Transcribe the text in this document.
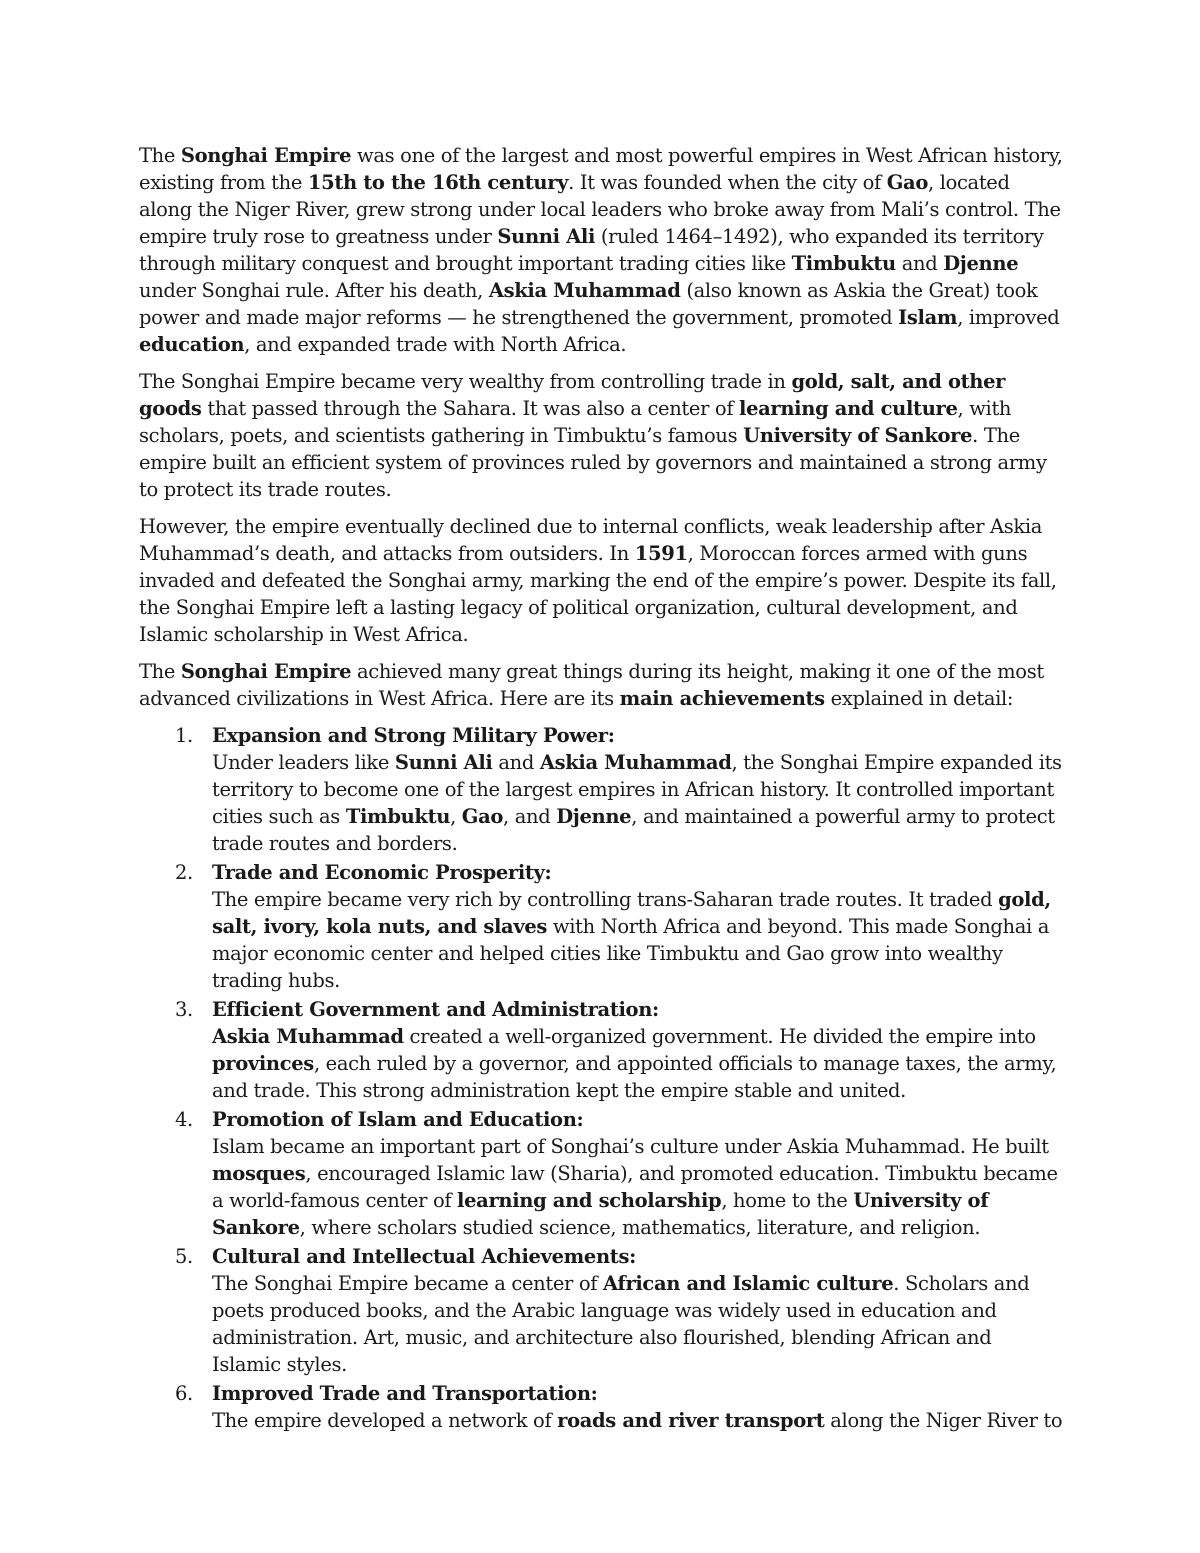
The Songhai Empire was one of the largest and most powerful empires in West African history, existing from the 15th to the 16th century. It was founded when the city of Gao, located along the Niger River, grew strong under local leaders who broke away from Mali’s control. The empire truly rose to greatness under Sunni Ali (ruled 1464–1492), who expanded its territory through military conquest and brought important trading cities like Timbuktu and Djenne under Songhai rule. After his death, Askia Muhammad (also known as Askia the Great) took power and made major reforms — he strengthened the government, promoted Islam, improved education, and expanded trade with North Africa.

The Songhai Empire became very wealthy from controlling trade in gold, salt, and other goods that passed through the Sahara. It was also a center of learning and culture, with scholars, poets, and scientists gathering in Timbuktu’s famous University of Sankore. The empire built an efficient system of provinces ruled by governors and maintained a strong army to protect its trade routes.

However, the empire eventually declined due to internal conflicts, weak leadership after Askia Muhammad’s death, and attacks from outsiders. In 1591, Moroccan forces armed with guns invaded and defeated the Songhai army, marking the end of the empire’s power. Despite its fall, the Songhai Empire left a lasting legacy of political organization, cultural development, and Islamic scholarship in West Africa.

The Songhai Empire achieved many great things during its height, making it one of the most advanced civilizations in West Africa. Here are its main achievements explained in detail:

1. Expansion and Strong Military Power:
Under leaders like Sunni Ali and Askia Muhammad, the Songhai Empire expanded its territory to become one of the largest empires in African history. It controlled important cities such as Timbuktu, Gao, and Djenne, and maintained a powerful army to protect trade routes and borders.
2. Trade and Economic Prosperity:
The empire became very rich by controlling trans-Saharan trade routes. It traded gold, salt, ivory, kola nuts, and slaves with North Africa and beyond. This made Songhai a major economic center and helped cities like Timbuktu and Gao grow into wealthy trading hubs.
3. Efficient Government and Administration:
Askia Muhammad created a well-organized government. He divided the empire into provinces, each ruled by a governor, and appointed officials to manage taxes, the army, and trade. This strong administration kept the empire stable and united.
4. Promotion of Islam and Education:
Islam became an important part of Songhai’s culture under Askia Muhammad. He built mosques, encouraged Islamic law (Sharia), and promoted education. Timbuktu became a world-famous center of learning and scholarship, home to the University of Sankore, where scholars studied science, mathematics, literature, and religion.
5. Cultural and Intellectual Achievements:
The Songhai Empire became a center of African and Islamic culture. Scholars and poets produced books, and the Arabic language was widely used in education and administration. Art, music, and architecture also flourished, blending African and Islamic styles.
6. Improved Trade and Transportation:
The empire developed a network of roads and river transport along the Niger River to
